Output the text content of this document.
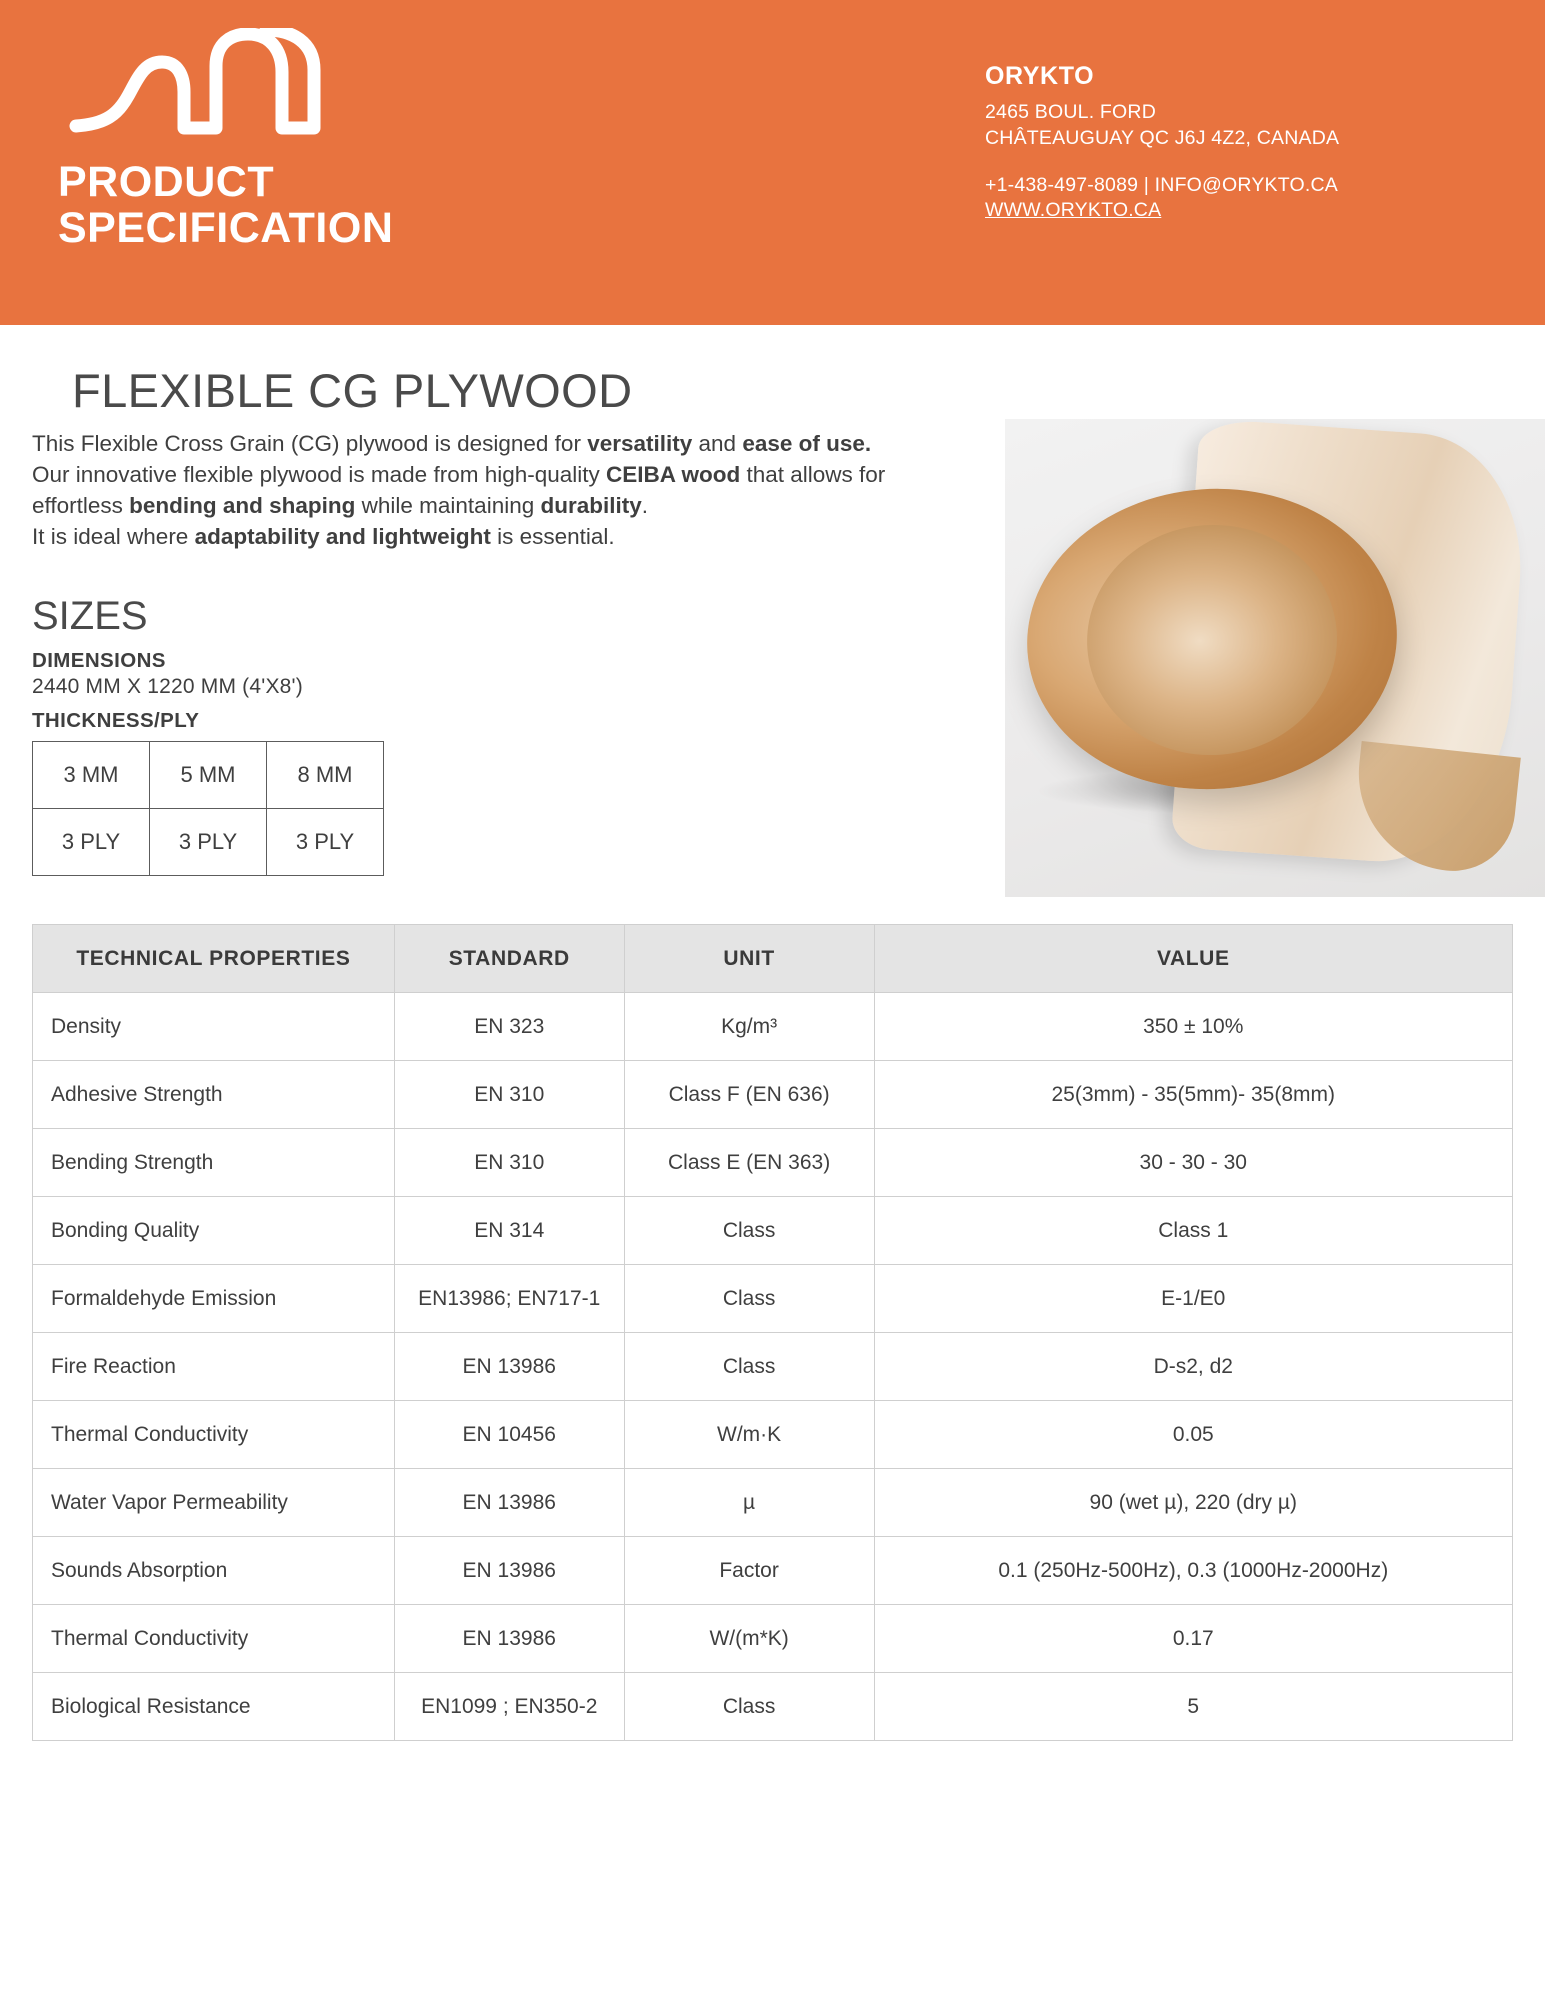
PRODUCT
SPECIFICATION
ORYKTO
2465 BOUL. FORD
CHÂTEAUGUAY QC J6J 4Z2, CANADA
+1-438-497-8089 | INFO@ORYKTO.CA
WWW.ORYKTO.CA
FLEXIBLE CG PLYWOOD

This Flexible Cross Grain (CG) plywood is designed for versatility and ease of use.

Our innovative flexible plywood is made from high-quality CEIBA wood that allows for effortless bending and shaping while maintaining durability.

It is ideal where adaptability and lightweight is essential.

SIZES
DIMENSIONS
2440 MM X 1220 MM (4'X8')
THICKNESS/PLY
3 MM	5 MM	8 MM
3 PLY	3 PLY	3 PLY
TECHNICAL PROPERTIES	STANDARD	UNIT	VALUE
Density	EN 323	Kg/m³	350 ± 10%
Adhesive Strength	EN 310	Class F (EN 636)	25(3mm) - 35(5mm)- 35(8mm)
Bending Strength	EN 310	Class E (EN 363)	30 - 30 - 30
Bonding Quality	EN 314	Class	Class 1
Formaldehyde Emission	EN13986; EN717-1	Class	E-1/E0
Fire Reaction	EN 13986	Class	D-s2, d2
Thermal Conductivity	EN 10456	W/m·K	0.05
Water Vapor Permeability	EN 13986	µ	90 (wet µ), 220 (dry µ)
Sounds Absorption	EN 13986	Factor	0.1 (250Hz-500Hz), 0.3 (1000Hz-2000Hz)
Thermal Conductivity	EN 13986	W/(m*K)	0.17
Biological Resistance	EN1099 ; EN350-2	Class	5
